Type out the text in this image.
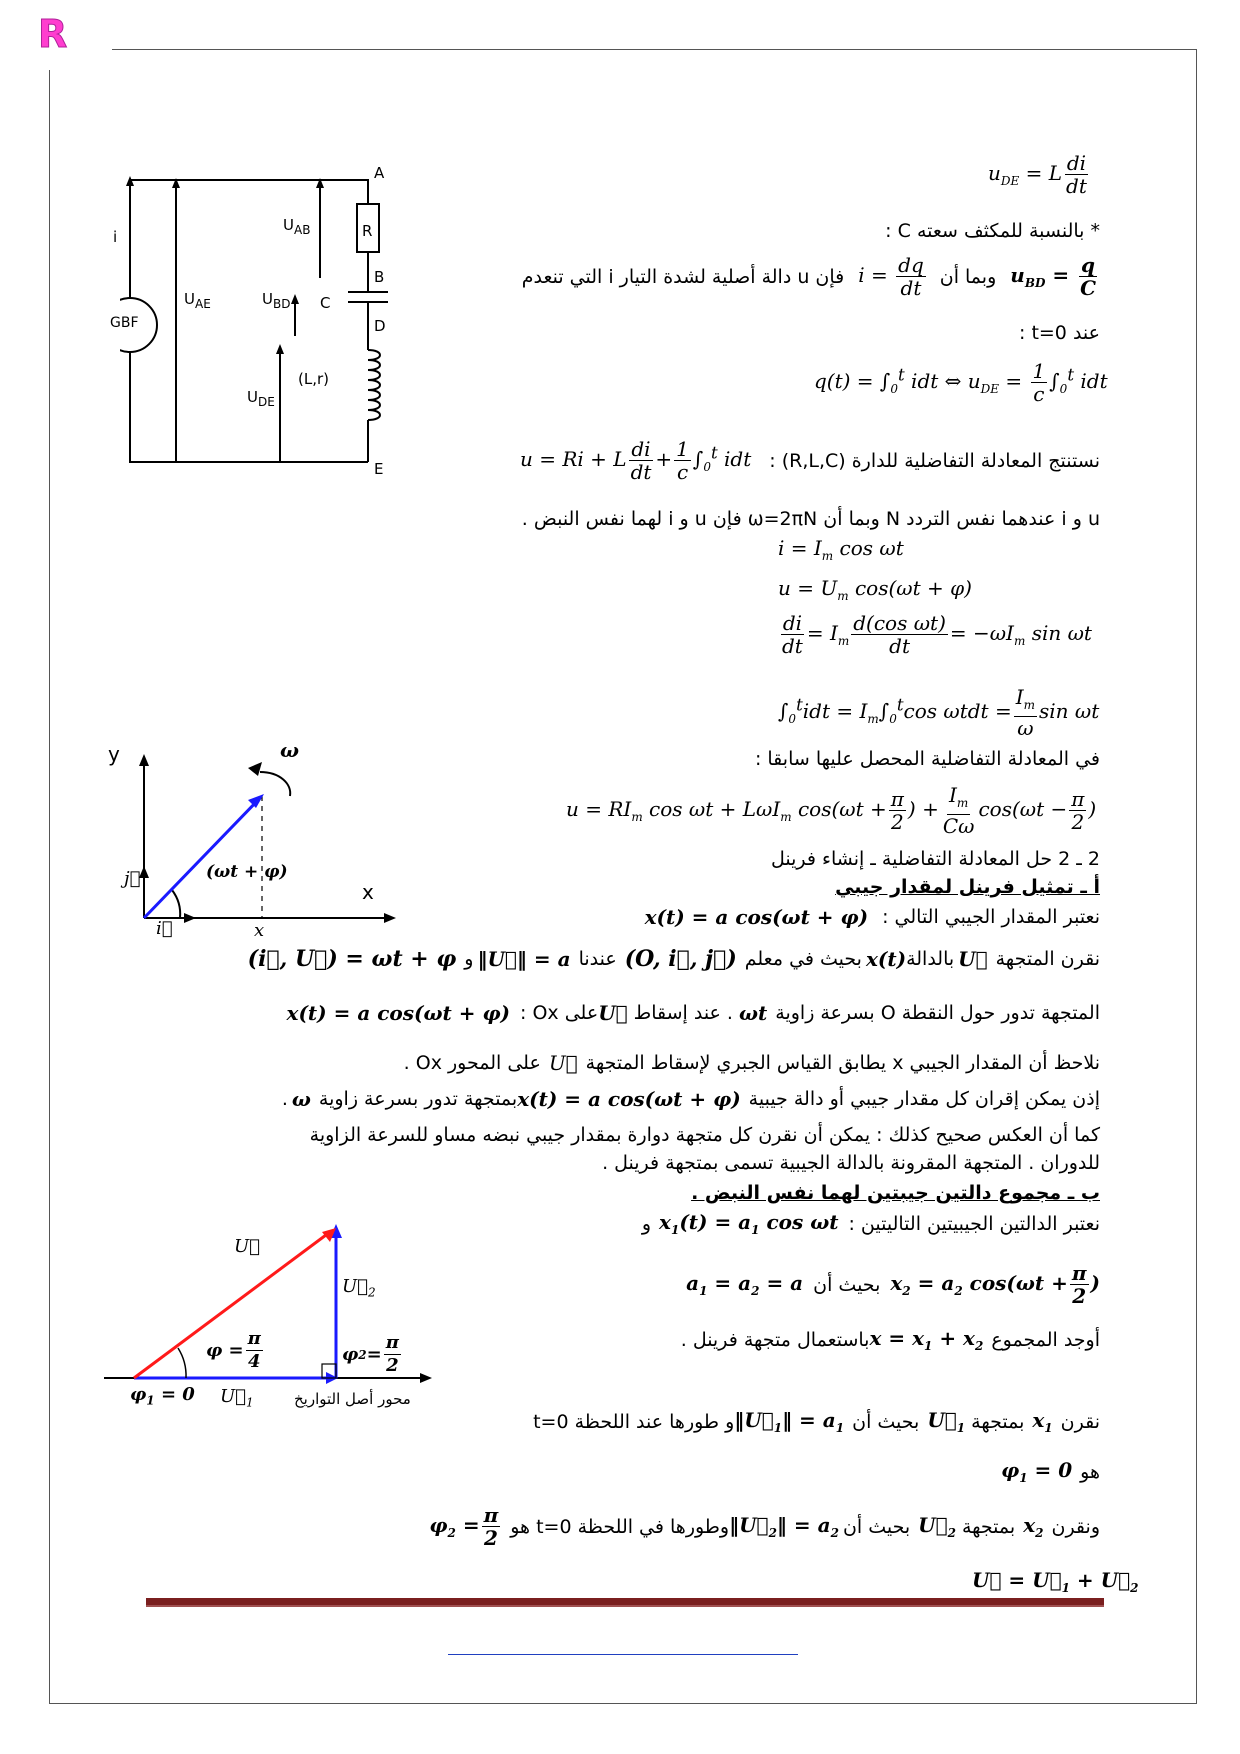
R
A
B
C
D
E
i	R
GBF
(L,r)
$U_{AB}$
$U_{AE}$	$U_{BD}$
$U_{DE}$
$u_{DE} = L \frac{di}{dt}$
* بالنسبة للمكثف سعته C :
$u_{BD} = \frac{q}{C}$
وبما أن
$i = \frac{dq}{dt}$
فإن u دالة أصلية لشدة التيار i التي تنعدم
عند t=0 :
$q(t) = \int_0^t$ idt ⇔ $u_{DE} = \frac{1}{c} \int_0^t$ idt
نستنتج المعادلة التفاضلية للدارة (R,L,C) :
u = Ri + L $\frac{di}{dt} + \frac{1}{c} \int_0^t$ idt
u و i عندهما نفس التردد N وبما أن ω=2πN فإن u و i لهما نفس النبض .
$i = I_m$ cos ωt
$u = U_m$ cos(ωt + φ)
$\frac{di}{dt} = I_m \frac{\text{d(cos ωt)}}{dt} = -\omega I_m$ sin ωt
$\int_0^tidt = I_m\int_0^t\cos$ $\omega tdt = \frac{I_m}{\omega}$ sin ωt
y
x
j⃗
i⃗	x
ω
(ωt + φ)
في المعادلة التفاضلية المحصل عليها سابقا :
$u = RI_m$ cos ωt + LωI$_m$ $\cos(\omega t + \frac{\pi}{2}$ ) + $\frac{I_m}{C\omega} \cos(\omega t - \frac{\pi}{2}$ )
2 ـ 2 حل المعادلة التفاضلية ـ إنشاء فرينل
أ ـ تمثيل فرينل لمقدار جيبي
نعتبر المقدار الجيبي التالي :
x(t) = a cos(ωt + φ)
نقرن المتجهة
U⃗
بالدالة
x(t)
بحيث في معلم
(O, i⃗, j⃗)
عندنا
‖U⃗‖ = a
و
(i⃗, U⃗) = ωt + φ
المتجهة تدور حول النقطة O بسرعة زاوية
ωt
. عند إسقاط
U⃗
على Ox :
x(t) = a cos(ωt + φ)
نلاحظ أن المقدار الجيبي x يطابق القياس الجبري لإسقاط المتجهة
U⃗
على المحور Ox .
إذن يمكن إقران كل مقدار جيبي أو دالة جيبية
x(t) = a cos(ωt + φ)
بمتجهة تدور بسرعة زاوية
ω
.
كما أن العكس صحيح كذلك : يمكن أن نقرن كل متجهة دوارة بمقدار جيبي نبضه مساو للسرعة الزاوية
للدوران . المتجهة المقرونة بالدالة الجيبية تسمى بمتجهة فرينل .
ب ـ مجموع دالتين جيبتين لهما نفس النبض .
نعتبر الدالتين الجيبيتين التاليتين :
$x_1(t) = a_1$ cos ωt
و
$x_2 = a_2$ $\cos(\omega t + \frac{\pi}{2}$ )
بحيث أن
$a_1 = a_2 = a$
أوجد المجموع
$x = x_1 + x_2$
باستعمال متجهة فرينل .
نقرن
$x_1$
بمتجهة
$U⃗_1$
بحيث أن
$‖U⃗_1‖ = a_1$
و طورها عند اللحظة t=0
هو
$\varphi_1 = 0$
ونقرن
$x_2$
بمتجهة
$U⃗_2$
بحيث أن
$‖U⃗_2‖ = a_2$
وطورها في اللحظة t=0 هو
$\varphi_2 = \frac{\pi}{2}$
U⃗ = $U⃗_1$ + $U⃗_2$
U⃗
$U⃗_2$
$U⃗_1$
$\varphi = \frac{\pi}{4}$	φ $2 = \frac{\pi}{2}$
$\varphi_1 = 0$	محور أصل التواريخ
